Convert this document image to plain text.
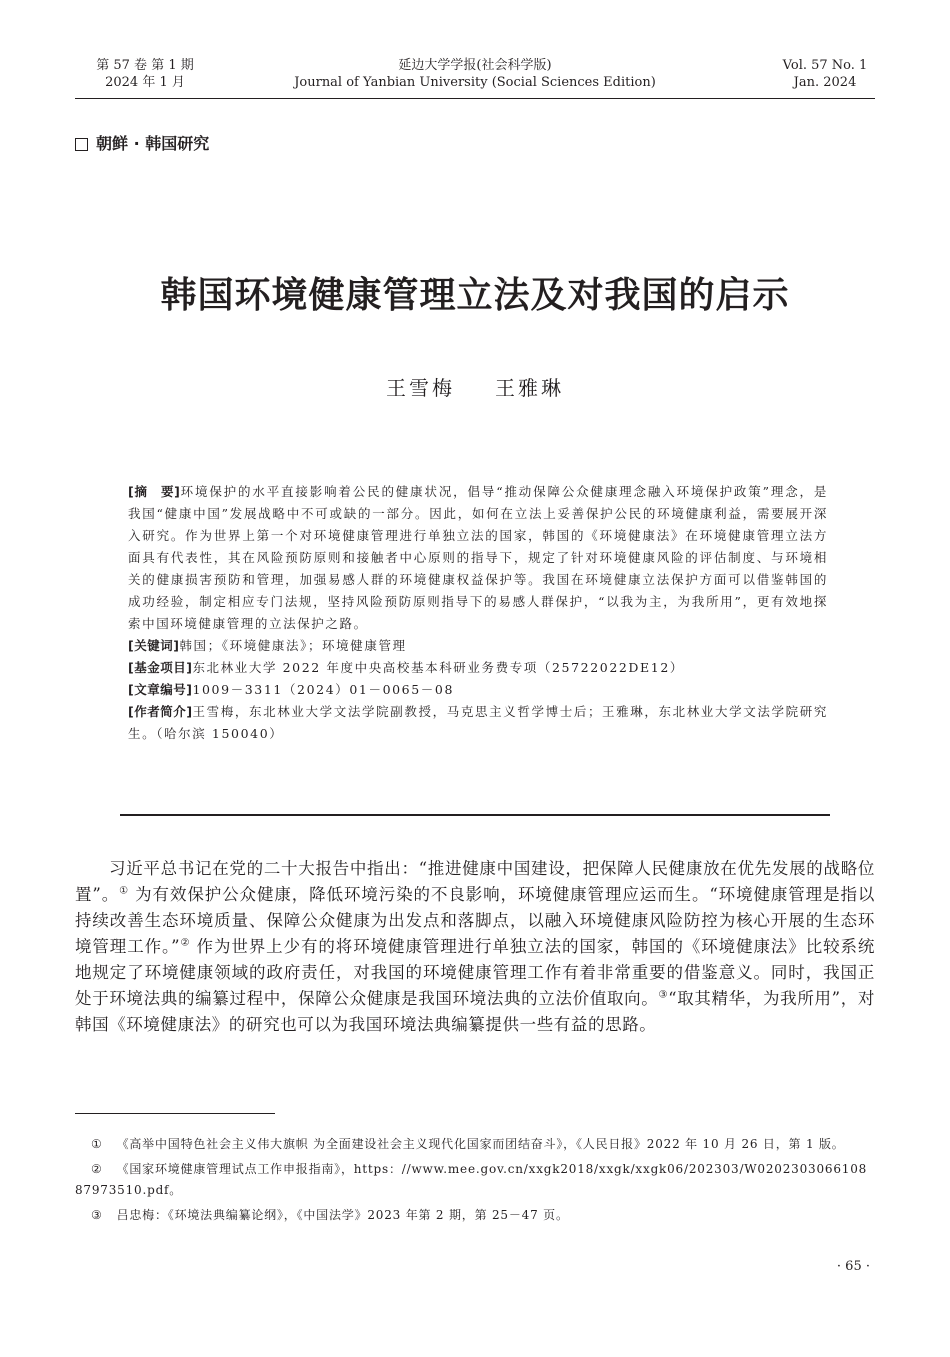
第 57 卷 第 1 期
2024 年 1 月
延边大学学报(社会科学版)
Journal of Yanbian University (Social Sciences Edition)
Vol. 57 No. 1
Jan. 2024
朝鲜 · 韩国研究
韩国环境健康管理立法及对我国的启示
王雪梅 王雅琳

[摘　要]环境保护的水平直接影响着公民的健康状况，倡导“推动保障公众健康理念融入环境保护政策”理念，是我国“健康中国”发展战略中不可或缺的一部分。因此，如何在立法上妥善保护公民的环境健康利益，需要展开深入研究。作为世界上第一个对环境健康管理进行单独立法的国家，韩国的《环境健康法》在环境健康管理立法方面具有代表性，其在风险预防原则和接触者中心原则的指导下，规定了针对环境健康风险的评估制度、与环境相关的健康损害预防和管理，加强易感人群的环境健康权益保护等。我国在环境健康立法保护方面可以借鉴韩国的成功经验，制定相应专门法规，坚持风险预防原则指导下的易感人群保护，“以我为主，为我所用”，更有效地探索中国环境健康管理的立法保护之路。

[关键词]韩国；《环境健康法》；环境健康管理

[基金项目]东北林业大学 2022 年度中央高校基本科研业务费专项（25722022DE12）

[文章编号]1009－3311（2024）01－0065－08

[作者简介]王雪梅，东北林业大学文法学院副教授，马克思主义哲学博士后；王雅琳，东北林业大学文法学院研究生。（哈尔滨 150040）

习近平总书记在党的二十大报告中指出：“推进健康中国建设，把保障人民健康放在优先发展的战略位置”。① 为有效保护公众健康，降低环境污染的不良影响，环境健康管理应运而生。“环境健康管理是指以持续改善生态环境质量、保障公众健康为出发点和落脚点，以融入环境健康风险防控为核心开展的生态环境管理工作。”② 作为世界上少有的将环境健康管理进行单独立法的国家，韩国的《环境健康法》比较系统地规定了环境健康领域的政府责任，对我国的环境健康管理工作有着非常重要的借鉴意义。同时，我国正处于环境法典的编纂过程中，保障公众健康是我国环境法典的立法价值取向。③“取其精华，为我所用”，对韩国《环境健康法》的研究也可以为我国环境法典编纂提供一些有益的思路。

① 《高举中国特色社会主义伟大旗帜 为全面建设社会主义现代化国家而团结奋斗》，《人民日报》2022 年 10 月 26 日，第 1 版。

② 《国家环境健康管理试点工作申报指南》，https：//www.mee.gov.cn/xxgk2018/xxgk/xxgk06/202303/W020230306610887973510.pdf。

③ 吕忠梅：《环境法典编纂论纲》，《中国法学》2023 年第 2 期，第 25－47 页。

· 65 ·
